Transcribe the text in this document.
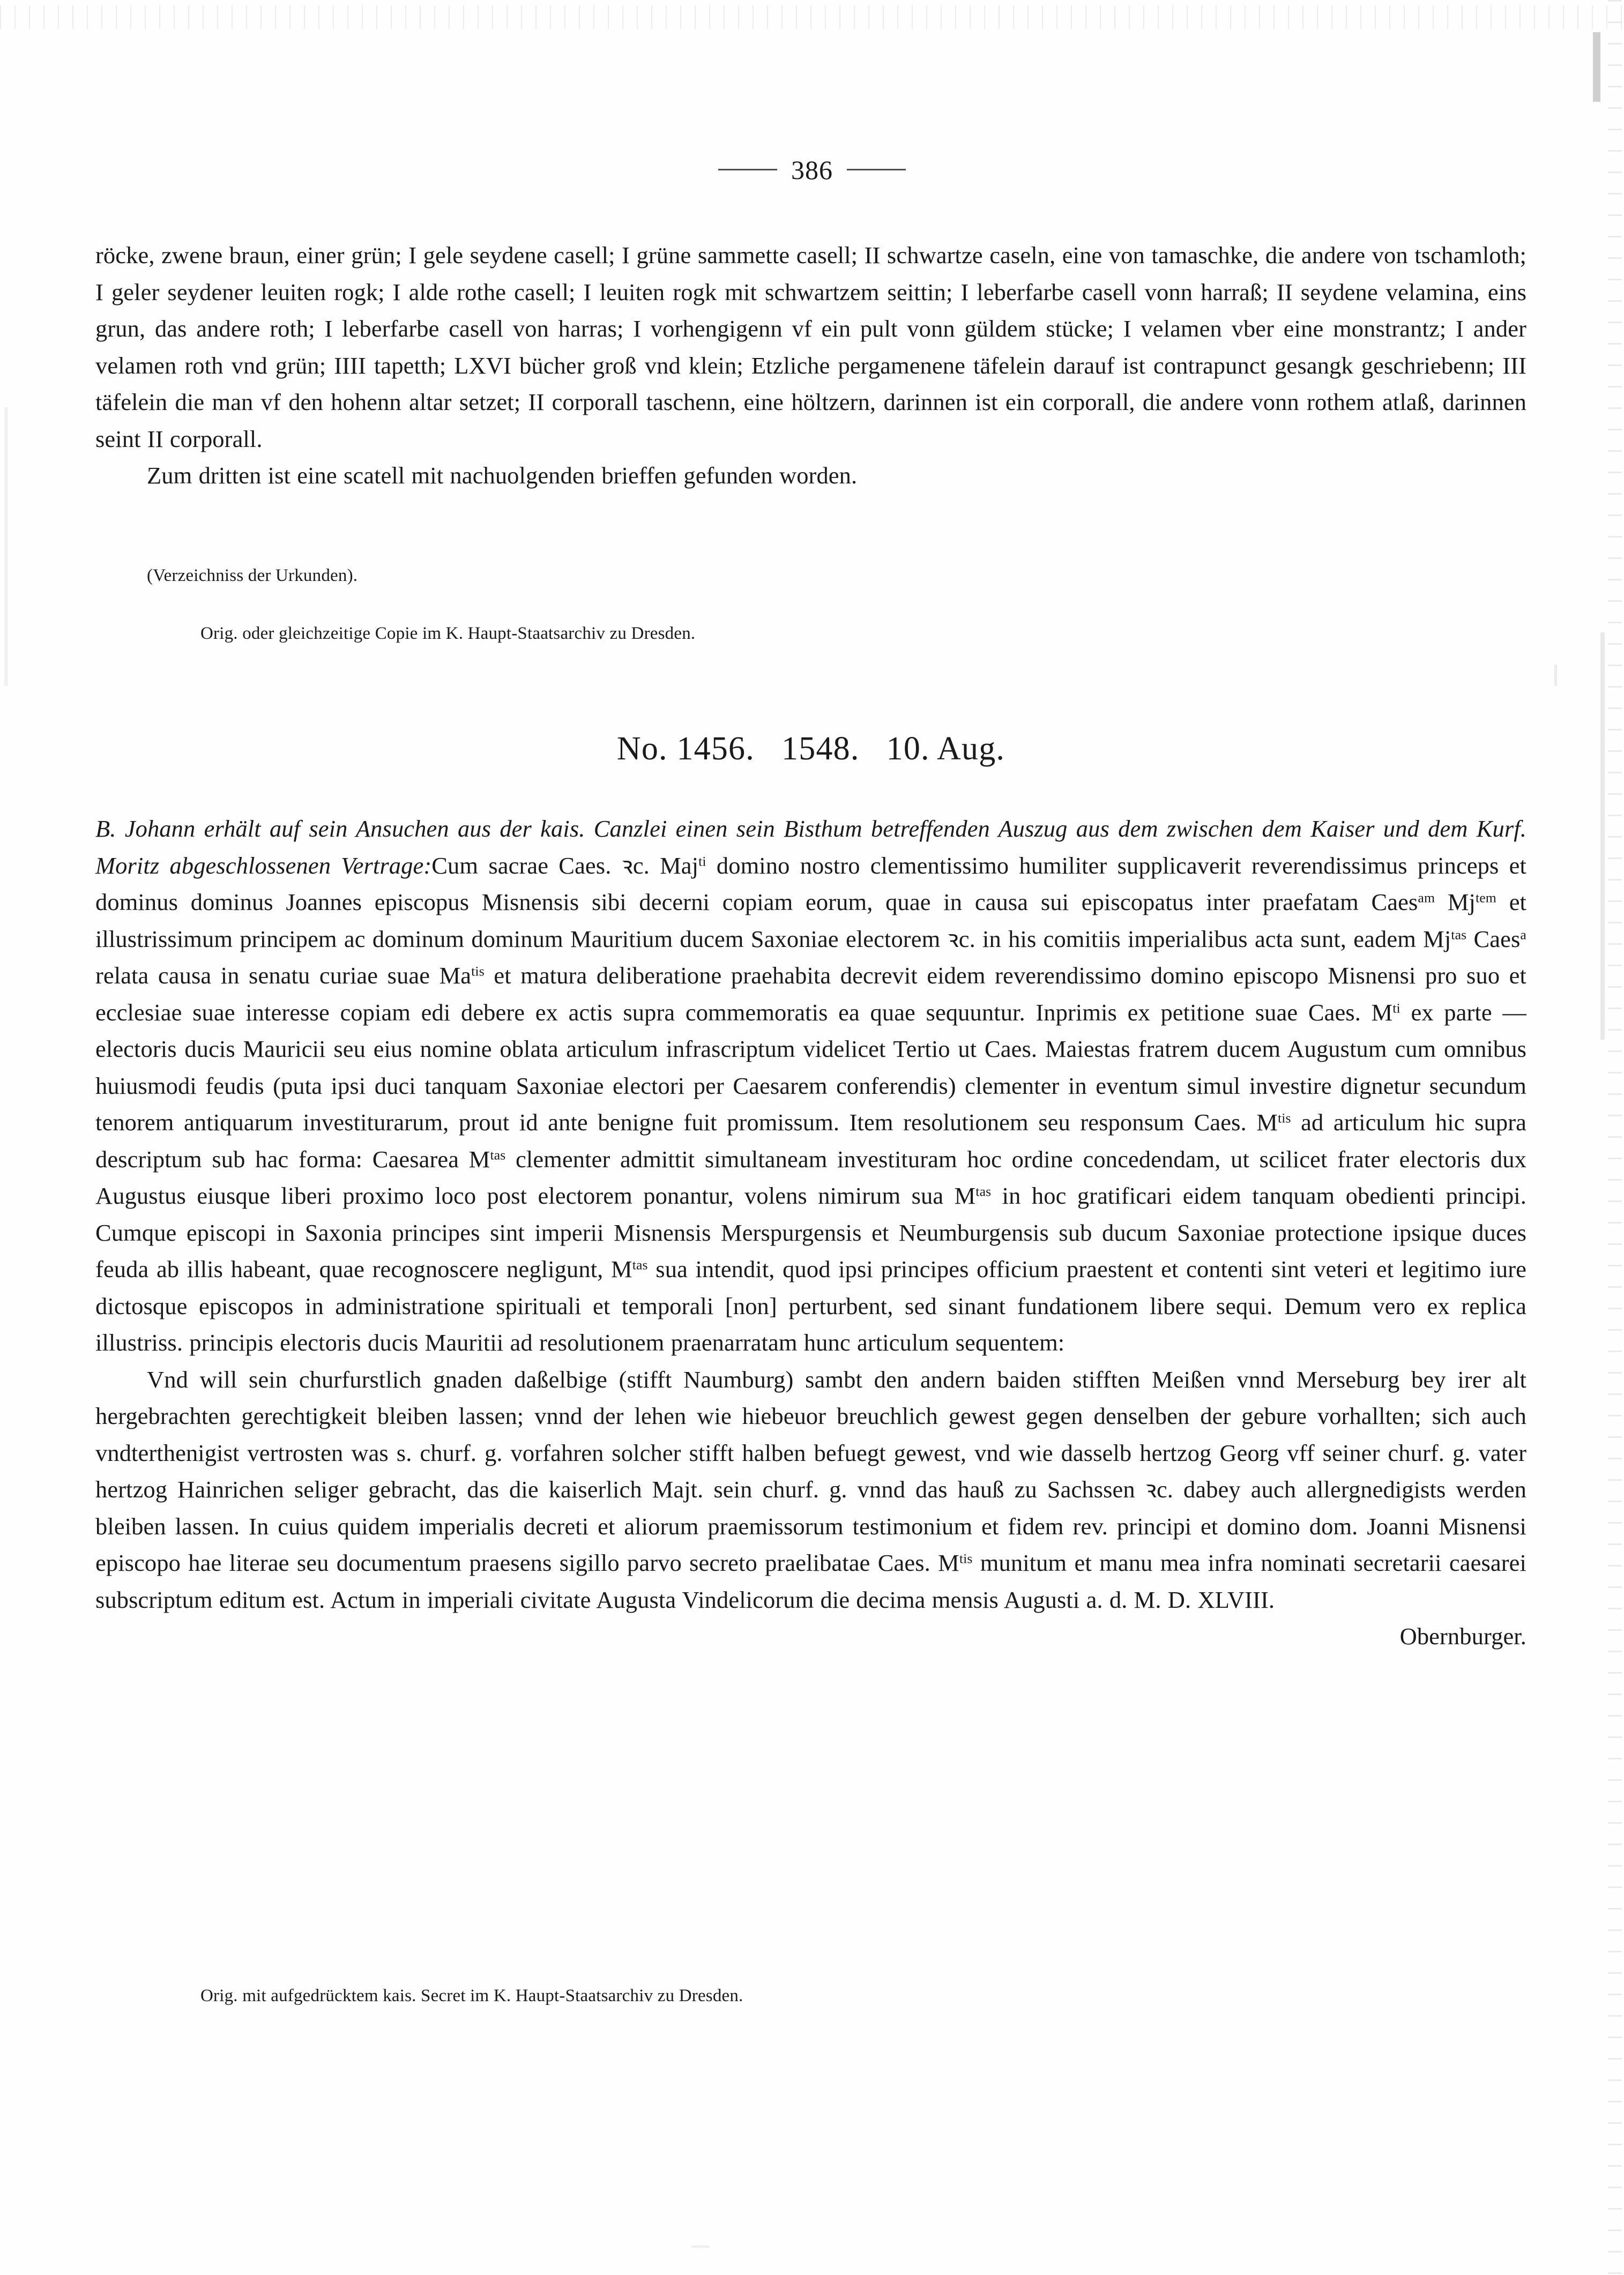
386

röcke, zwene braun, einer grün; I gele seydene casell; I grüne sammette casell; II schwartze caseln, eine von tamaschke, die andere von tschamloth; I geler seydener leuiten rogk; I alde rothe casell; I leuiten rogk mit schwartzem seittin; I leberfarbe casell vonn harraß; II seydene velamina, eins grun, das andere roth; I leberfarbe casell von harras; I vorhengigenn vf ein pult vonn güldem stücke; I velamen vber eine monstrantz; I ander velamen roth vnd grün; IIII tapetth; LXVI bücher groß vnd klein; Etzliche pergamenene täfelein darauf ist contrapunct gesangk geschriebenn; III täfelein die man vf den hohenn altar setzet; II corporall taschenn, eine höltzern, darinnen ist ein corporall, die andere vonn rothem atlaß, darinnen seint II corporall.

Zum dritten ist eine scatell mit nachuolgenden brieffen gefunden worden.

(Verzeichniss der Urkunden).
Orig. oder gleichzeitige Copie im K. Haupt-Staatsarchiv zu Dresden.
No. 1456.   1548.   10. Aug.

B. Johann erhält auf sein Ansuchen aus der kais. Canzlei einen sein Bisthum betreffenden Auszug aus dem zwischen dem Kaiser und dem Kurf. Moritz abgeschlossenen Vertrage:Cum sacrae Caes. ꝛc. Maj$^{ti}$ domino nostro clementissimo humiliter supplicaverit reverendissimus princeps et dominus dominus Joannes episcopus Misnensis sibi decerni copiam eorum, quae in causa sui episcopatus inter praefatam Caes$^{am}$ $Mj^{tem}$ et illustrissimum principem ac dominum dominum Mauritium ducem Saxoniae electorem ꝛc. in his comitiis imperialibus acta sunt, eadem $Mj^{tas}$ Caes$^a$ relata causa in senatu curiae suae $Ma^{tis}$ et matura deliberatione praehabita decrevit eidem reverendissimo domino episcopo Misnensi pro suo et ecclesiae suae interesse copiam edi debere ex actis supra commemoratis ea quae sequuntur. Inprimis ex petitione suae Caes. $M^{ti}$ ex parte — electoris ducis Mauricii seu eius nomine oblata articulum infrascriptum videlicet Tertio ut Caes. Maiestas fratrem ducem Augustum cum omnibus huiusmodi feudis (puta ipsi duci tanquam Saxoniae electori per Caesarem conferendis) clementer in eventum simul investire dignetur secundum tenorem antiquarum investiturarum, prout id ante benigne fuit promissum. Item resolutionem seu responsum Caes. $M^{tis}$ ad articulum hic supra descriptum sub hac forma: Caesarea $M^{tas}$ clementer admittit simultaneam investituram hoc ordine concedendam, ut scilicet frater electoris dux Augustus eiusque liberi proximo loco post electorem ponantur, volens nimirum sua $M^{tas}$ in hoc gratificari eidem tanquam obedienti principi. Cumque episcopi in Saxonia principes sint imperii Misnensis Merspurgensis et Neumburgensis sub ducum Saxoniae protectione ipsique duces feuda ab illis habeant, quae recognoscere negligunt, $M^{tas}$ sua intendit, quod ipsi principes officium praestent et contenti sint veteri et legitimo iure dictosque episcopos in administratione spirituali et temporali [non] perturbent, sed sinant fundationem libere sequi. Demum vero ex replica illustriss. principis electoris ducis Mauritii ad resolutionem praenarratam hunc articulum sequentem:

Vnd will sein churfurstlich gnaden daßelbige (stifft Naumburg) sambt den andern baiden stifften Meißen vnnd Merseburg bey irer alt hergebrachten gerechtigkeit bleiben lassen; vnnd der lehen wie hiebeuor breuchlich gewest gegen denselben der gebure vorhallten; sich auch vndterthenigist vertrosten was s. churf. g. vorfahren solcher stifft halben befuegt gewest, vnd wie dasselb hertzog Georg vff seiner churf. g. vater hertzog Hainrichen seliger gebracht, das die kaiserlich Majt. sein churf. g. vnnd das hauß zu Sachssen ꝛc. dabey auch allergnedigists werden bleiben lassen. In cuius quidem imperialis decreti et aliorum praemissorum testimonium et fidem rev. principi et domino dom. Joanni Misnensi episcopo hae literae seu documentum praesens sigillo parvo secreto praelibatae Caes. $M^{tis}$ munitum et manu mea infra nominati secretarii caesarei subscriptum editum est. Actum in imperiali civitate Augusta Vindelicorum die decima mensis Augusti a. d. M. D. XLVIII.

Obernburger.

Orig. mit aufgedrücktem kais. Secret im K. Haupt-Staatsarchiv zu Dresden.
